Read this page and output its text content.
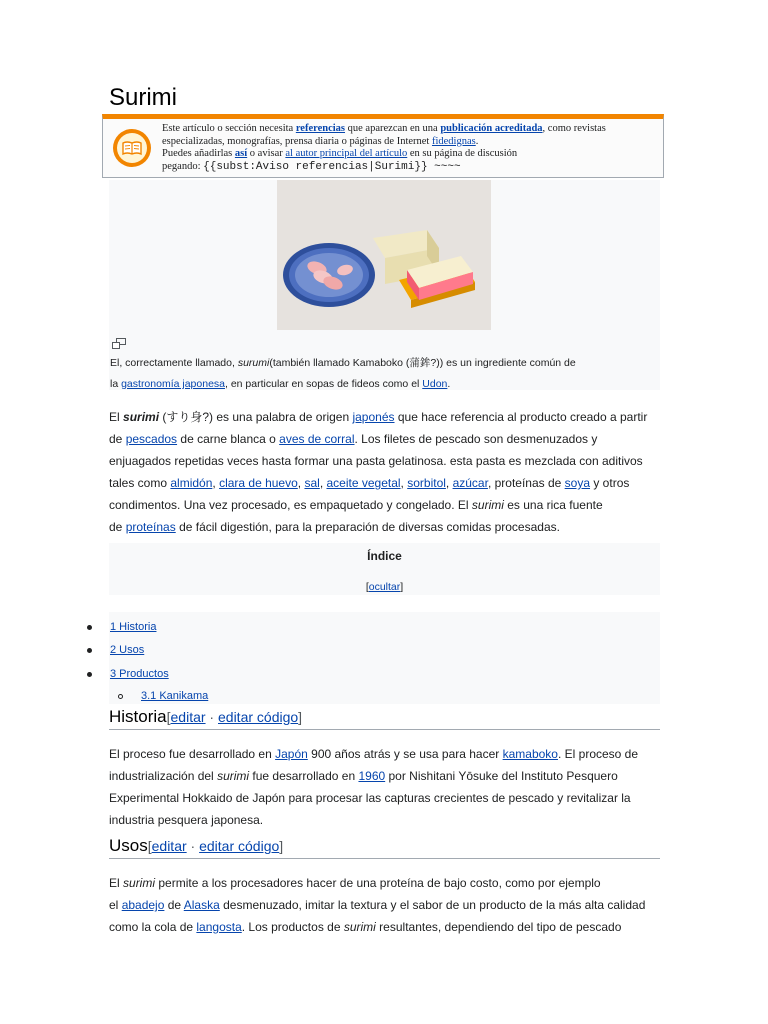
Surimi
Este artículo o sección necesita referencias que aparezcan en una publicación acreditada, como revistas
especializadas, monografías, prensa diaria o páginas de Internet fidedignas.
Puedes añadirlas así o avisar al autor principal del artículo en su página de discusión
pegando: {{subst:Aviso referencias|Surimi}} ~~~~
El, correctamente llamado, surumi(también llamado Kamaboko (蒲鉾?)) es un ingrediente común de
la gastronomía japonesa, en particular en sopas de fideos como el Udon.
El surimi (すり身?) es una palabra de origen japonés que hace referencia al producto creado a partir
de pescados de carne blanca o aves de corral. Los filetes de pescado son desmenuzados y
enjuagados repetidas veces hasta formar una pasta gelatinosa. esta pasta es mezclada con aditivos
tales como almidón, clara de huevo, sal, aceite vegetal, sorbitol, azúcar, proteínas de soya y otros
condimentos. Una vez procesado, es empaquetado y congelado. El surimi es una rica fuente
de proteínas de fácil digestión, para la preparación de diversas comidas procesadas.
Índice
[ocultar]
1 Historia
2 Usos
3 Productos
3.1 Kanikama
Historia[editar · editar código]
El proceso fue desarrollado en Japón 900 años atrás y se usa para hacer kamaboko. El proceso de
industrialización del surimi fue desarrollado en 1960 por Nishitani Yōsuke del Instituto Pesquero
Experimental Hokkaido de Japón para procesar las capturas crecientes de pescado y revitalizar la
industria pesquera japonesa.
Usos[editar · editar código]
El surimi permite a los procesadores hacer de una proteína de bajo costo, como por ejemplo
el abadejo de Alaska desmenuzado, imitar la textura y el sabor de un producto de la más alta calidad
como la cola de langosta. Los productos de surimi resultantes, dependiendo del tipo de pescado
